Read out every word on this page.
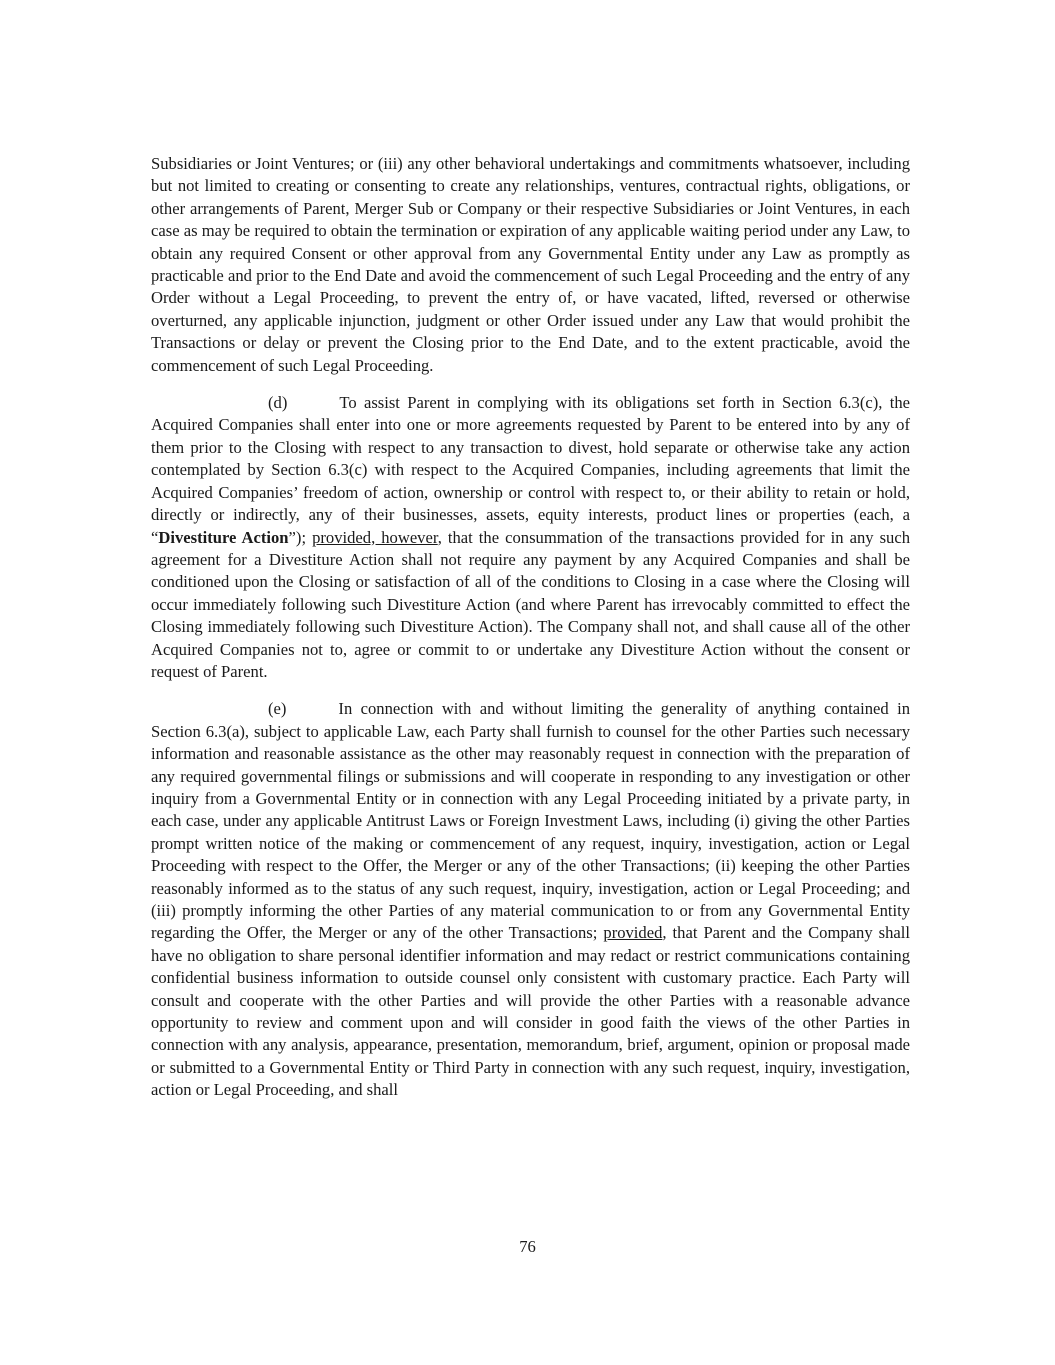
Subsidiaries or Joint Ventures; or (iii) any other behavioral undertakings and commitments whatsoever, including but not limited to creating or consenting to create any relationships, ventures, contractual rights, obligations, or other arrangements of Parent, Merger Sub or Company or their respective Subsidiaries or Joint Ventures, in each case as may be required to obtain the termination or expiration of any applicable waiting period under any Law, to obtain any required Consent or other approval from any Governmental Entity under any Law as promptly as practicable and prior to the End Date and avoid the commencement of such Legal Proceeding and the entry of any Order without a Legal Proceeding, to prevent the entry of, or have vacated, lifted, reversed or otherwise overturned, any applicable injunction, judgment or other Order issued under any Law that would prohibit the Transactions or delay or prevent the Closing prior to the End Date, and to the extent practicable, avoid the commencement of such Legal Proceeding.

(d)	To assist Parent in complying with its obligations set forth in Section 6.3(c), the Acquired Companies shall enter into one or more agreements requested by Parent to be entered into by any of them prior to the Closing with respect to any transaction to divest, hold separate or otherwise take any action contemplated by Section 6.3(c) with respect to the Acquired Companies, including agreements that limit the Acquired Companies’ freedom of action, ownership or control with respect to, or their ability to retain or hold, directly or indirectly, any of their businesses, assets, equity interests, product lines or properties (each, a “Divestiture Action”); provided, however, that the consummation of the transactions provided for in any such agreement for a Divestiture Action shall not require any payment by any Acquired Companies and shall be conditioned upon the Closing or satisfaction of all of the conditions to Closing in a case where the Closing will occur immediately following such Divestiture Action (and where Parent has irrevocably committed to effect the Closing immediately following such Divestiture Action). The Company shall not, and shall cause all of the other Acquired Companies not to, agree or commit to or undertake any Divestiture Action without the consent or request of Parent.

(e)	In connection with and without limiting the generality of anything contained in Section 6.3(a), subject to applicable Law, each Party shall furnish to counsel for the other Parties such necessary information and reasonable assistance as the other may reasonably request in connection with the preparation of any required governmental filings or submissions and will cooperate in responding to any investigation or other inquiry from a Governmental Entity or in connection with any Legal Proceeding initiated by a private party, in each case, under any applicable Antitrust Laws or Foreign Investment Laws, including (i) giving the other Parties prompt written notice of the making or commencement of any request, inquiry, investigation, action or Legal Proceeding with respect to the Offer, the Merger or any of the other Transactions; (ii) keeping the other Parties reasonably informed as to the status of any such request, inquiry, investigation, action or Legal Proceeding; and (iii) promptly informing the other Parties of any material communication to or from any Governmental Entity regarding the Offer, the Merger or any of the other Transactions; provided, that Parent and the Company shall have no obligation to share personal identifier information and may redact or restrict communications containing confidential business information to outside counsel only consistent with customary practice. Each Party will consult and cooperate with the other Parties and will provide the other Parties with a reasonable advance opportunity to review and comment upon and will consider in good faith the views of the other Parties in connection with any analysis, appearance, presentation, memorandum, brief, argument, opinion or proposal made or submitted to a Governmental Entity or Third Party in connection with any such request, inquiry, investigation, action or Legal Proceeding, and shall

76
